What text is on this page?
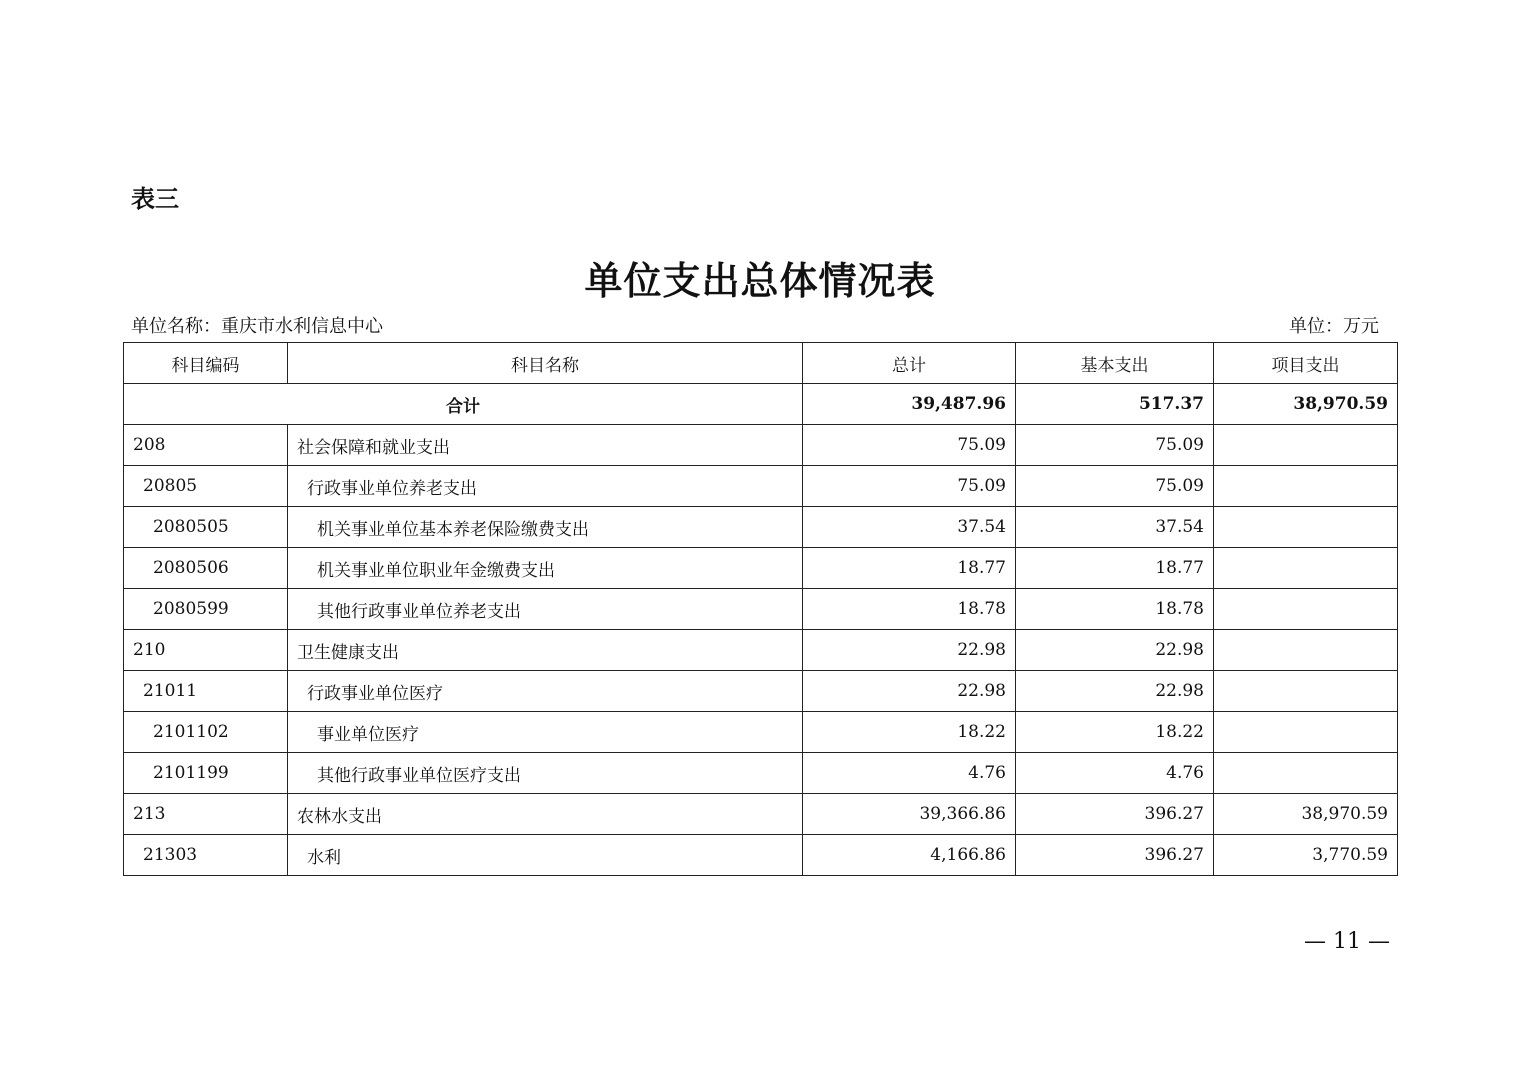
表三
单位支出总体情况表
单位名称：重庆市水利信息中心	单位：万元
科目编码	科目名称	总计	基本支出	项目支出
合计		39,487.96	517.37	38,970.59
208	社会保障和就业支出	75.09	75.09	
20805	行政事业单位养老支出	75.09	75.09	
2080505	机关事业单位基本养老保险缴费支出	37.54	37.54	
2080506	机关事业单位职业年金缴费支出	18.77	18.77	
2080599	其他行政事业单位养老支出	18.78	18.78	
210	卫生健康支出	22.98	22.98	
21011	行政事业单位医疗	22.98	22.98	
2101102	事业单位医疗	18.22	18.22	
2101199	其他行政事业单位医疗支出	4.76	4.76	
213	农林水支出	39,366.86	396.27	38,970.59
21303	水利	4,166.86	396.27	3,770.59
— 11 —
